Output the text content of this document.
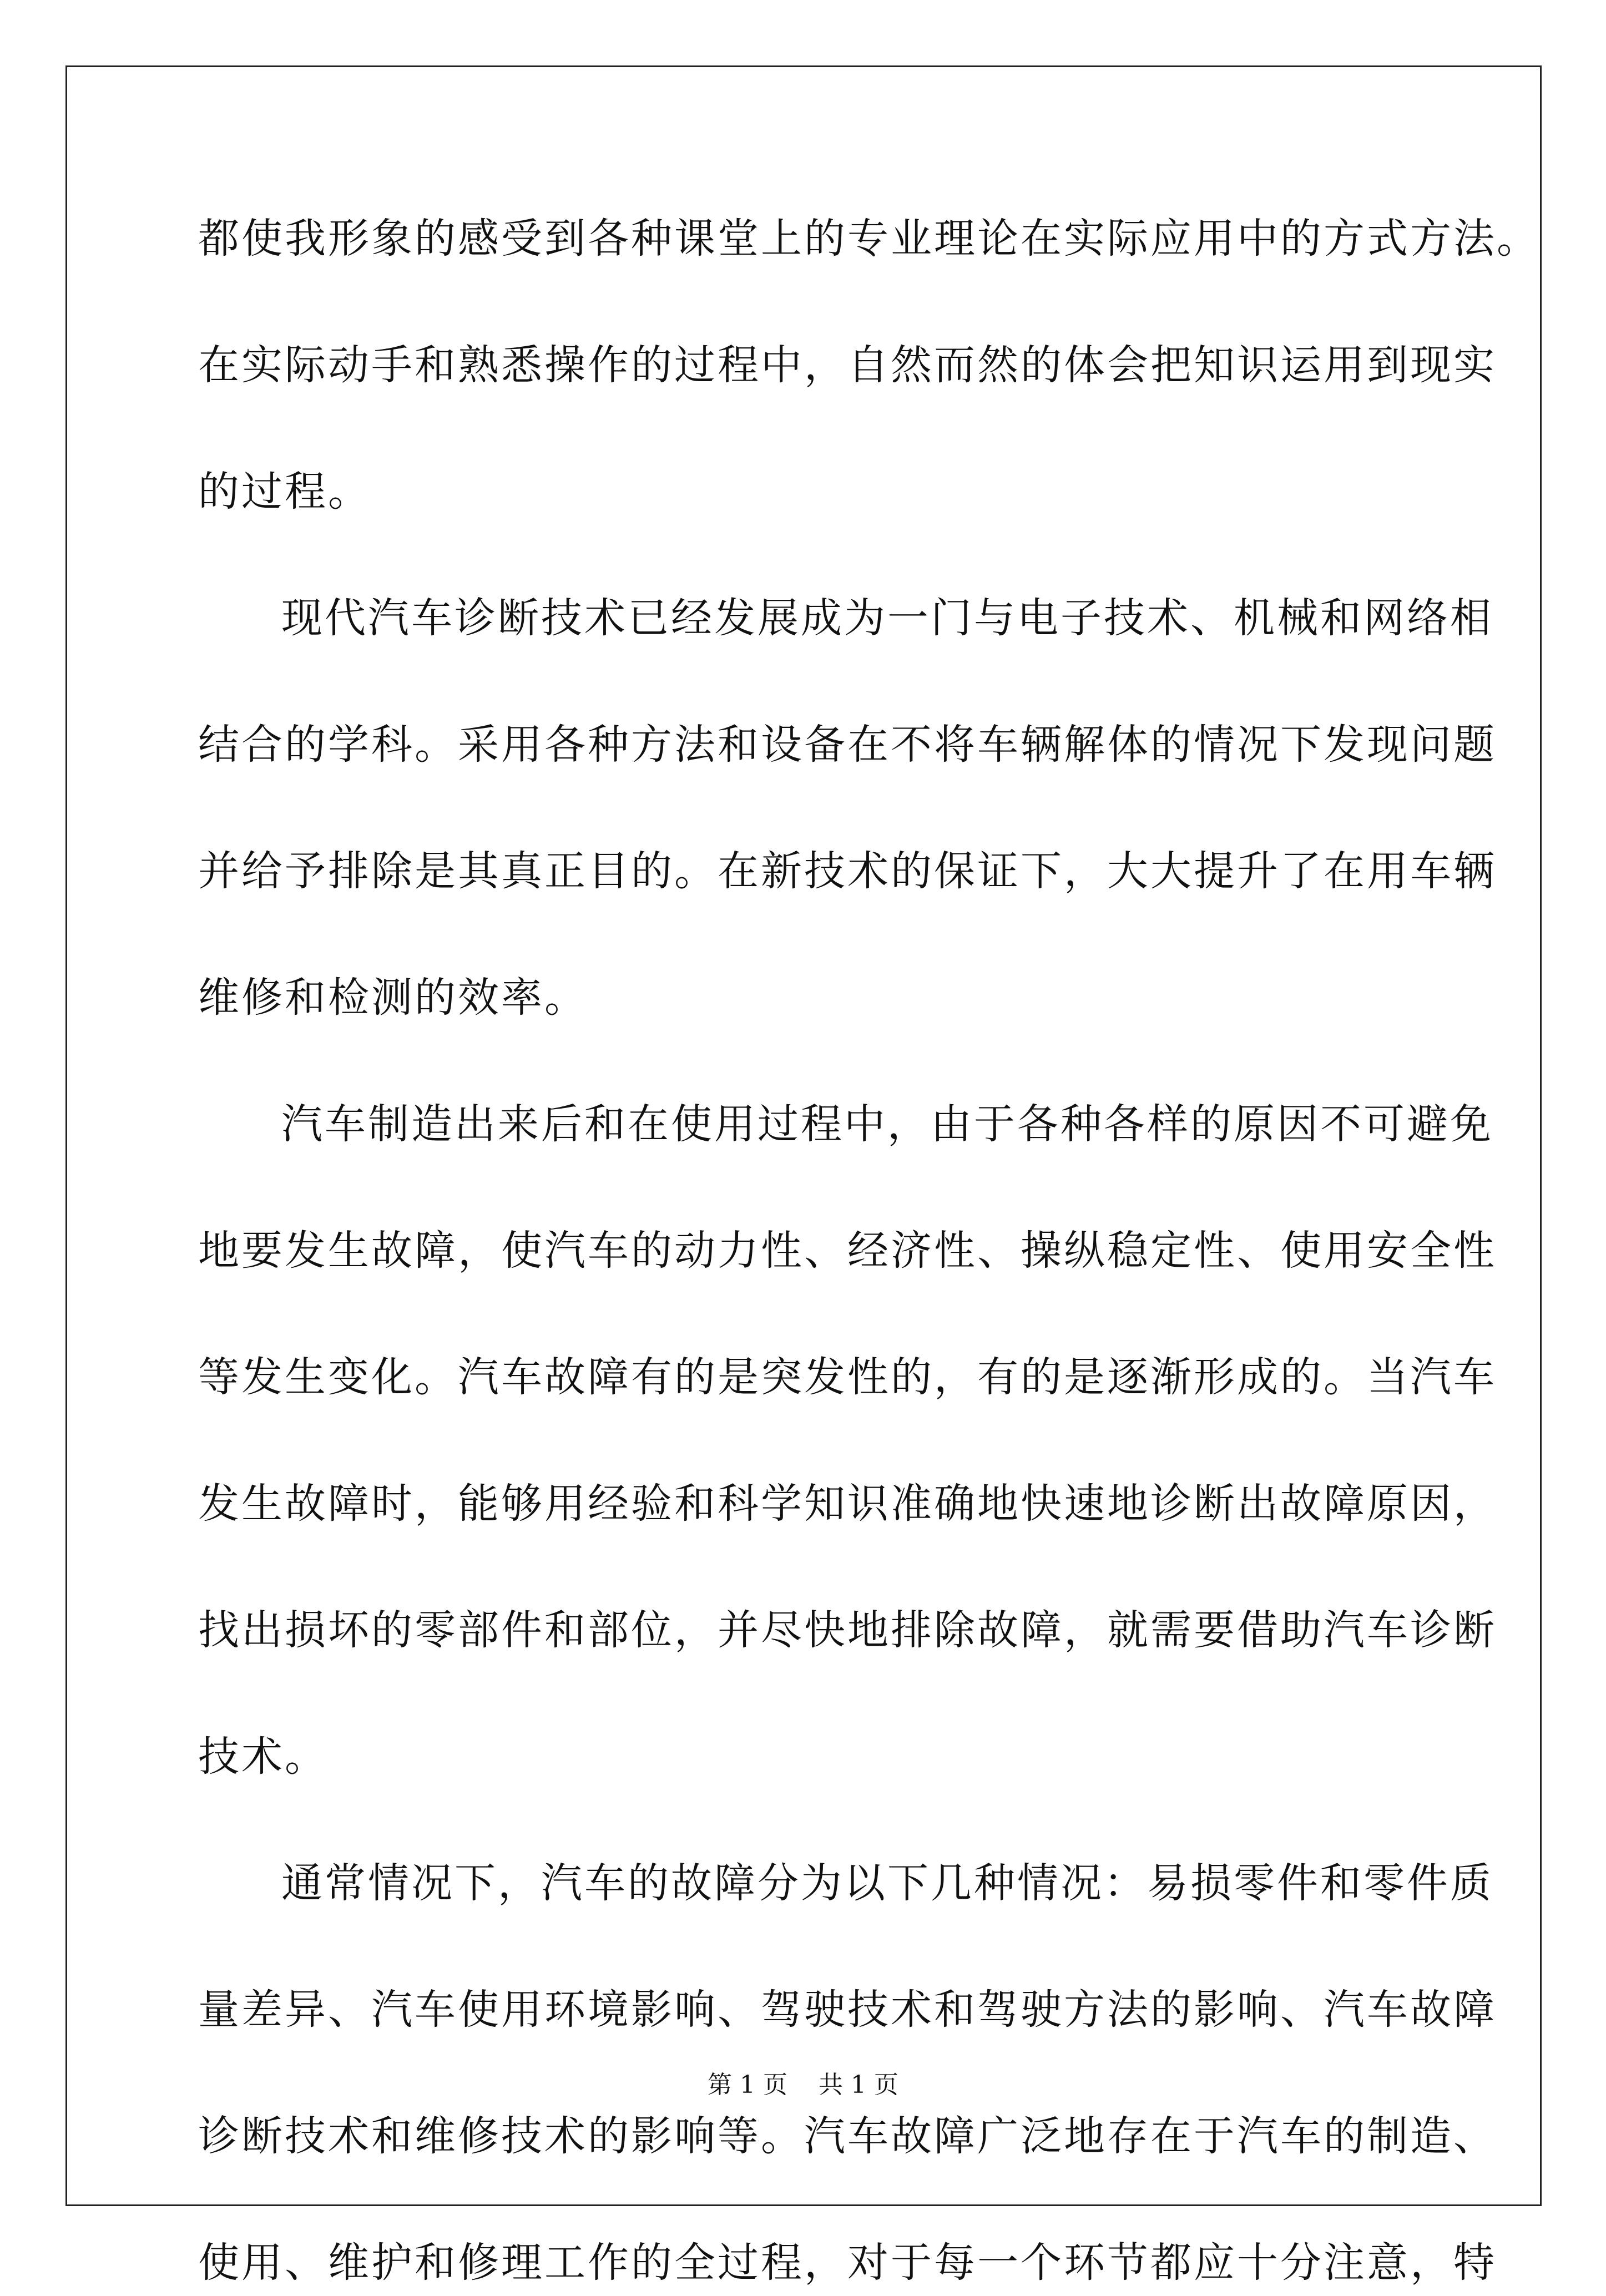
都使我形象的感受到各种课堂上的专业理论在实际应用中的方式方法。
在实际动手和熟悉操作的过程中，自然而然的体会把知识运用到现实
的过程。
现代汽车诊断技术已经发展成为一门与电子技术、机械和网络相
结合的学科。采用各种方法和设备在不将车辆解体的情况下发现问题
并给予排除是其真正目的。在新技术的保证下，大大提升了在用车辆
维修和检测的效率。
汽车制造出来后和在使用过程中，由于各种各样的原因不可避免
地要发生故障，使汽车的动力性、经济性、操纵稳定性、使用安全性
等发生变化。汽车故障有的是突发性的，有的是逐渐形成的。当汽车
发生故障时，能够用经验和科学知识准确地快速地诊断出故障原因，
找出损坏的零部件和部位，并尽快地排除故障，就需要借助汽车诊断
技术。
通常情况下，汽车的故障分为以下几种情况：易损零件和零件质
量差异、汽车使用环境影响、驾驶技术和驾驶方法的影响、汽车故障
诊断技术和维修技术的影响等。汽车故障广泛地存在于汽车的制造、
使用、维护和修理工作的全过程，对于每一个环节都应十分注意，特
第 1 页    共 1 页
